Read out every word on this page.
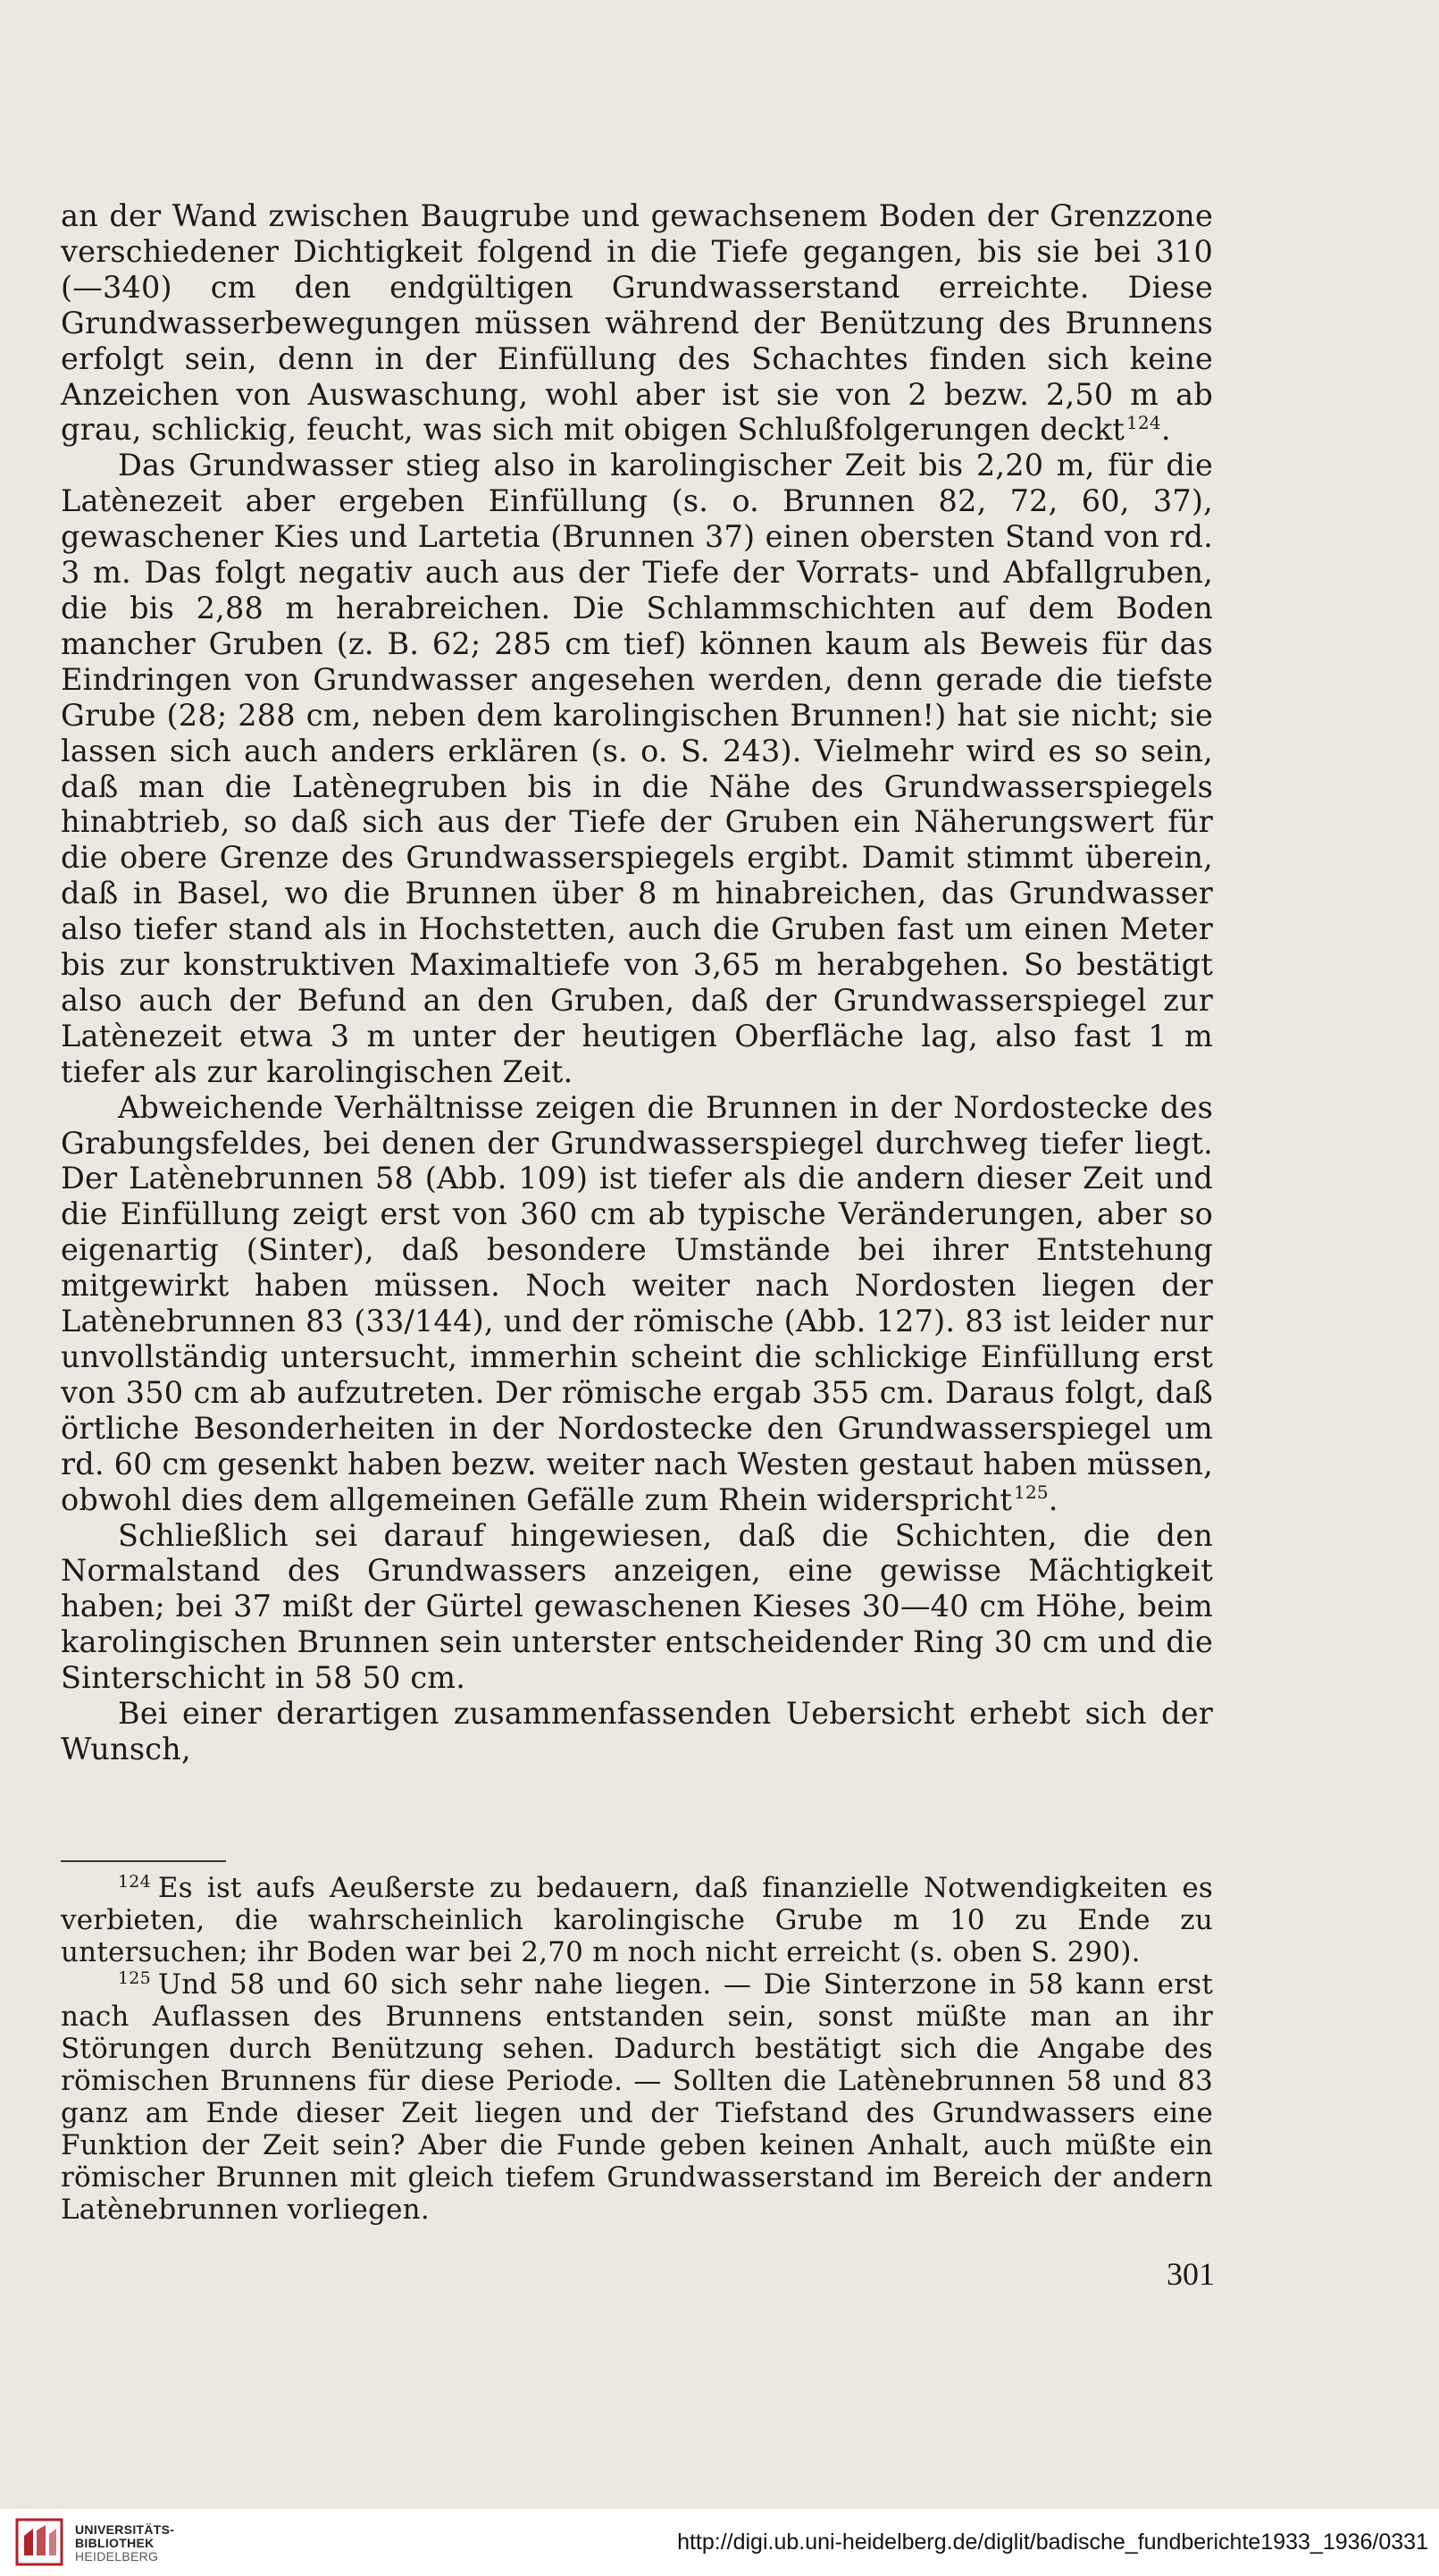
an der Wand zwischen Baugrube und gewachsenem Boden der Grenzzone verschiedener Dichtigkeit folgend in die Tiefe gegangen, bis sie bei 310 (—340) cm den endgültigen Grundwasserstand erreichte. Diese Grundwasserbewegungen müssen während der Benützung des Brunnens erfolgt sein, denn in der Einfüllung des Schachtes finden sich keine Anzeichen von Auswaschung, wohl aber ist sie von 2 bezw. 2,50 m ab grau, schlickig, feucht, was sich mit obigen Schlußfolgerungen deckt $^{124}$.

Das Grundwasser stieg also in karolingischer Zeit bis 2,20 m, für die Latènezeit aber ergeben Einfüllung (s. o. Brunnen 82, 72, 60, 37), gewaschener Kies und Lartetia (Brunnen 37) einen obersten Stand von rd. 3 m. Das folgt negativ auch aus der Tiefe der Vorrats- und Abfallgruben, die bis 2,88 m herabreichen. Die Schlammschichten auf dem Boden mancher Gruben (z. B. 62; 285 cm tief) können kaum als Beweis für das Eindringen von Grundwasser angesehen werden, denn gerade die tiefste Grube (28; 288 cm, neben dem karolingischen Brunnen!) hat sie nicht; sie lassen sich auch anders erklären (s. o. S. 243). Vielmehr wird es so sein, daß man die Latènegruben bis in die Nähe des Grundwasserspiegels hinabtrieb, so daß sich aus der Tiefe der Gruben ein Näherungswert für die obere Grenze des Grundwasserspiegels ergibt. Damit stimmt überein, daß in Basel, wo die Brunnen über 8 m hinabreichen, das Grundwasser also tiefer stand als in Hochstetten, auch die Gruben fast um einen Meter bis zur konstruktiven Maximaltiefe von 3,65 m herabgehen. So bestätigt also auch der Befund an den Gruben, daß der Grundwasserspiegel zur Latènezeit etwa 3 m unter der heutigen Oberfläche lag, also fast 1 m tiefer als zur karolingischen Zeit.

Abweichende Verhältnisse zeigen die Brunnen in der Nordostecke des Grabungsfeldes, bei denen der Grundwasserspiegel durchweg tiefer liegt. Der Latènebrunnen 58 (Abb. 109) ist tiefer als die andern dieser Zeit und die Einfüllung zeigt erst von 360 cm ab typische Veränderungen, aber so eigenartig (Sinter), daß besondere Umstände bei ihrer Entstehung mitgewirkt haben müssen. Noch weiter nach Nordosten liegen der Latènebrunnen 83 (33/144), und der römische (Abb. 127). 83 ist leider nur unvollständig untersucht, immerhin scheint die schlickige Einfüllung erst von 350 cm ab aufzutreten. Der römische ergab 355 cm. Daraus folgt, daß örtliche Besonderheiten in der Nordostecke den Grundwasserspiegel um rd. 60 cm gesenkt haben bezw. weiter nach Westen gestaut haben müssen, obwohl dies dem allgemeinen Gefälle zum Rhein widerspricht $^{125}$.

Schließlich sei darauf hingewiesen, daß die Schichten, die den Normalstand des Grundwassers anzeigen, eine gewisse Mächtigkeit haben; bei 37 mißt der Gürtel gewaschenen Kieses 30—40 cm Höhe, beim karolingischen Brunnen sein unterster entscheidender Ring 30 cm und die Sinterschicht in 58 50 cm.

Bei einer derartigen zusammenfassenden Uebersicht erhebt sich der Wunsch,

$^{124}$ Es ist aufs Aeußerste zu bedauern, daß finanzielle Notwendigkeiten es verbieten, die wahrscheinlich karolingische Grube m 10 zu Ende zu untersuchen; ihr Boden war bei 2,70 m noch nicht erreicht (s. oben S. 290).

$^{125}$ Und 58 und 60 sich sehr nahe liegen. — Die Sinterzone in 58 kann erst nach Auflassen des Brunnens entstanden sein, sonst müßte man an ihr Störungen durch Benützung sehen. Dadurch bestätigt sich die Angabe des römischen Brunnens für diese Periode. — Sollten die Latènebrunnen 58 und 83 ganz am Ende dieser Zeit liegen und der Tiefstand des Grundwassers eine Funktion der Zeit sein? Aber die Funde geben keinen Anhalt, auch müßte ein römischer Brunnen mit gleich tiefem Grundwasserstand im Bereich der andern Latènebrunnen vorliegen.

301
UNIVERSITÄTS-
BIBLIOTHEK
HEIDELBERG
http://digi.ub.uni-heidelberg.de/diglit/badische_fundberichte1933_1936/0331
